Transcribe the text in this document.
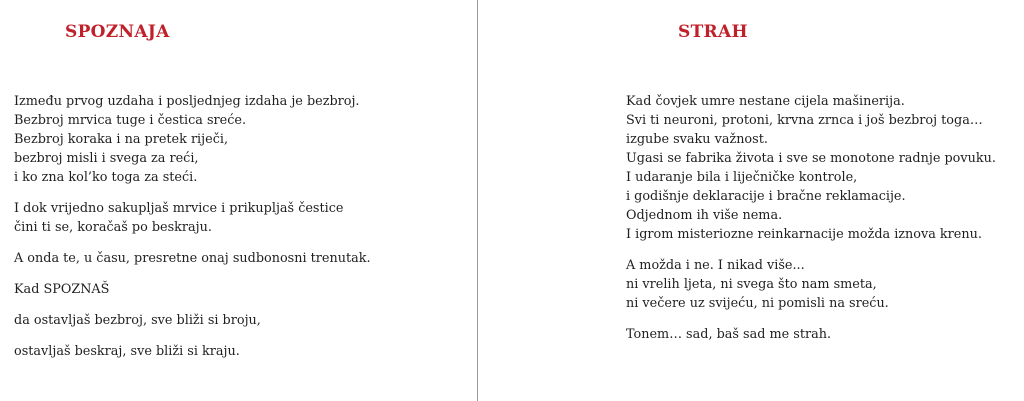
SPOZNAJA

Između prvog uzdaha i posljednjeg izdaha je bezbroj.
Bezbroj mrvica tuge i čestica sreće.
Bezbroj koraka i na pretek riječi,
bezbroj misli i svega za reći,
i ko zna kol’ko toga za steći.

I dok vrijedno sakupljaš mrvice i prikupljaš čestice
čini ti se, koračaš po beskraju.

A onda te, u času, presretne onaj sudbonosni trenutak.

Kad SPOZNAŠ

da ostavljaš bezbroj, sve bliži si broju,

ostavljaš beskraj, sve bliži si kraju.

STRAH

Kad čovjek umre nestane cijela mašinerija.
Svi ti neuroni, protoni, krvna zrnca i još bezbroj toga…
izgube svaku važnost.
Ugasi se fabrika života i sve se monotone radnje povuku.
I udaranje bila i liječničke kontrole,
i godišnje deklaracije i bračne reklamacije.
Odjednom ih više nema.
I igrom misteriozne reinkarnacije možda iznova krenu.

A možda i ne. I nikad više...
ni vrelih ljeta, ni svega što nam smeta,
ni večere uz svijeću, ni pomisli na sreću.

Tonem… sad, baš sad me strah.
